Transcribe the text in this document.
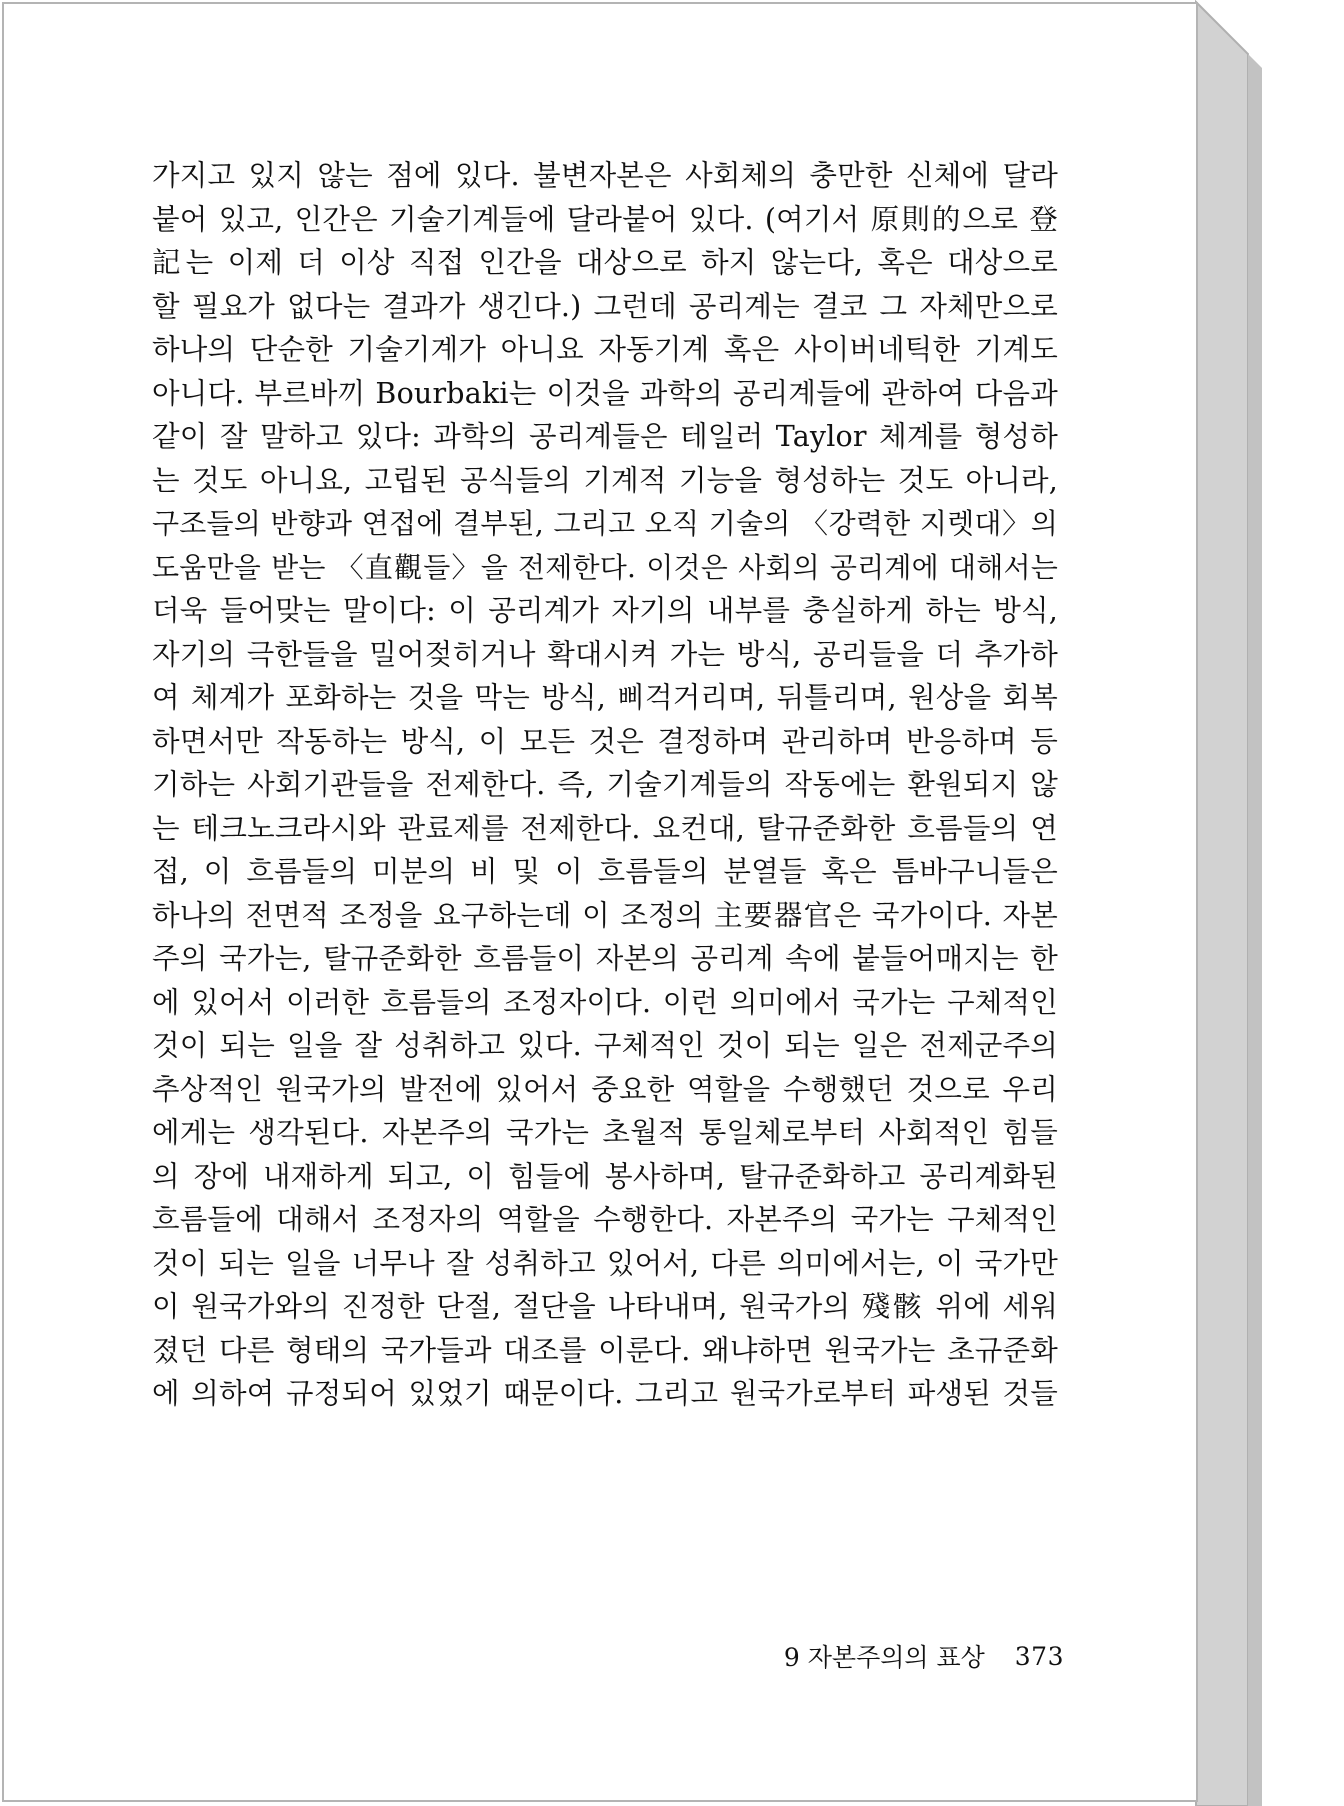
가지고 있지 않는 점에 있다. 불변자본은 사회체의 충만한 신체에 달라
붙어 있고, 인간은 기술기계들에 달라붙어 있다. (여기서 原則的으로 登
記는 이제 더 이상 직접 인간을 대상으로 하지 않는다, 혹은 대상으로
할 필요가 없다는 결과가 생긴다.) 그런데 공리계는 결코 그 자체만으로
하나의 단순한 기술기계가 아니요 자동기계 혹은 사이버네틱한 기계도
아니다. 부르바끼 Bourbaki는 이것을 과학의 공리계들에 관하여 다음과
같이 잘 말하고 있다: 과학의 공리계들은 테일러 Taylor 체계를 형성하
는 것도 아니요, 고립된 공식들의 기계적 기능을 형성하는 것도 아니라,
구조들의 반향과 연접에 결부된, 그리고 오직 기술의 〈강력한 지렛대〉의
도움만을 받는 〈直觀들〉을 전제한다. 이것은 사회의 공리계에 대해서는
더욱 들어맞는 말이다: 이 공리계가 자기의 내부를 충실하게 하는 방식,
자기의 극한들을 밀어젖히거나 확대시켜 가는 방식, 공리들을 더 추가하
여 체계가 포화하는 것을 막는 방식, 삐걱거리며, 뒤틀리며, 원상을 회복
하면서만 작동하는 방식, 이 모든 것은 결정하며 관리하며 반응하며 등
기하는 사회기관들을 전제한다. 즉, 기술기계들의 작동에는 환원되지 않
는 테크노크라시와 관료제를 전제한다. 요컨대, 탈규준화한 흐름들의 연
접, 이 흐름들의 미분의 비 및 이 흐름들의 분열들 혹은 틈바구니들은
하나의 전면적 조정을 요구하는데 이 조정의 主要器官은 국가이다. 자본
주의 국가는, 탈규준화한 흐름들이 자본의 공리계 속에 붙들어매지는 한
에 있어서 이러한 흐름들의 조정자이다. 이런 의미에서 국가는 구체적인
것이 되는 일을 잘 성취하고 있다. 구체적인 것이 되는 일은 전제군주의
추상적인 원국가의 발전에 있어서 중요한 역할을 수행했던 것으로 우리
에게는 생각된다. 자본주의 국가는 초월적 통일체로부터 사회적인 힘들
의 장에 내재하게 되고, 이 힘들에 봉사하며, 탈규준화하고 공리계화된
흐름들에 대해서 조정자의 역할을 수행한다. 자본주의 국가는 구체적인
것이 되는 일을 너무나 잘 성취하고 있어서, 다른 의미에서는, 이 국가만
이 원국가와의 진정한 단절, 절단을 나타내며, 원국가의 殘骸 위에 세워
졌던 다른 형태의 국가들과 대조를 이룬다. 왜냐하면 원국가는 초규준화
에 의하여 규정되어 있었기 때문이다. 그리고 원국가로부터 파생된 것들
9 자본주의의 표상 373
